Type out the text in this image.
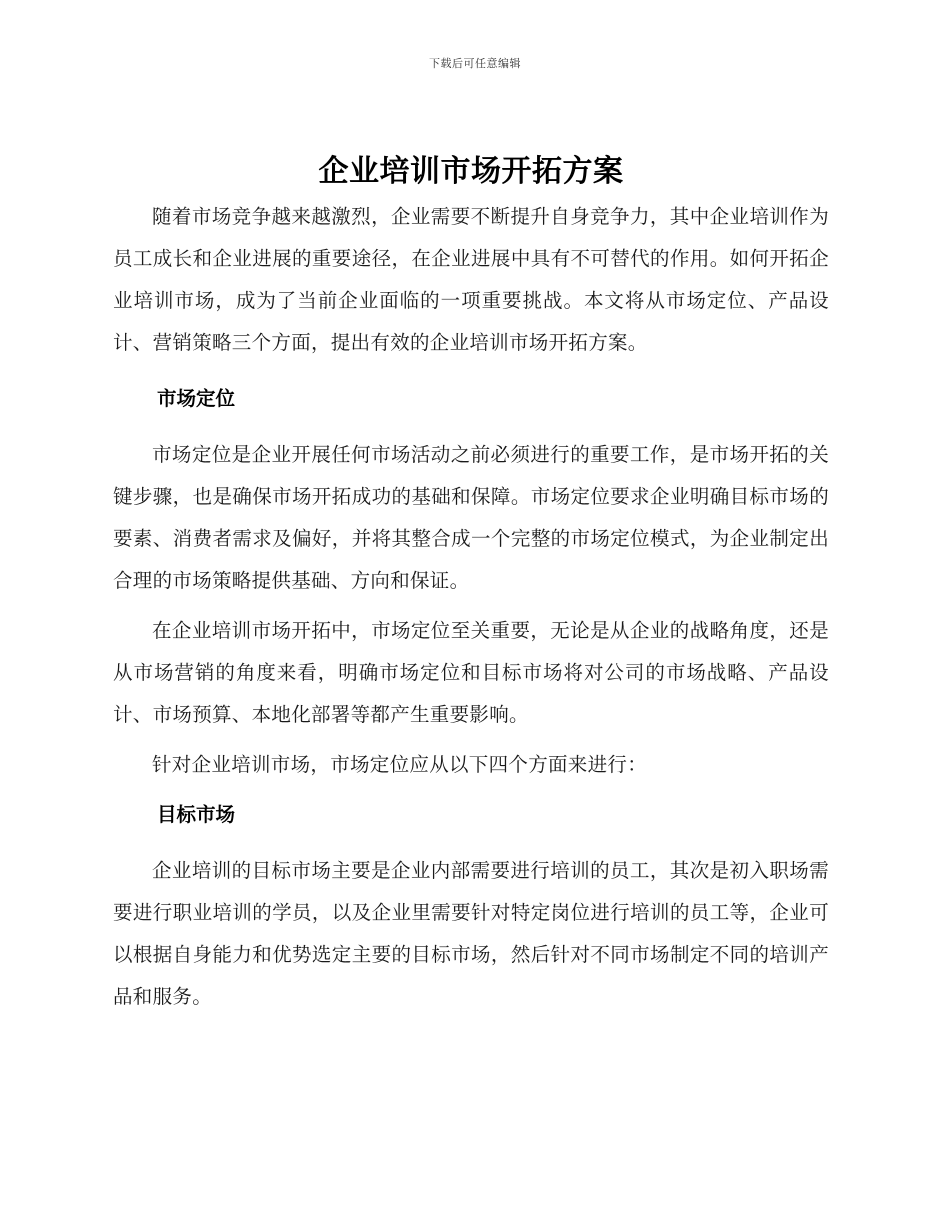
下载后可任意编辑
企业培训市场开拓方案

随着市场竞争越来越激烈，企业需要不断提升自身竞争力，其中企业培训作为员工成长和企业进展的重要途径，在企业进展中具有不可替代的作用。如何开拓企业培训市场，成为了当前企业面临的一项重要挑战。本文将从市场定位、产品设计、营销策略三个方面，提出有效的企业培训市场开拓方案。

市场定位

市场定位是企业开展任何市场活动之前必须进行的重要工作，是市场开拓的关键步骤，也是确保市场开拓成功的基础和保障。市场定位要求企业明确目标市场的要素、消费者需求及偏好，并将其整合成一个完整的市场定位模式，为企业制定出合理的市场策略提供基础、方向和保证。

在企业培训市场开拓中，市场定位至关重要，无论是从企业的战略角度，还是从市场营销的角度来看，明确市场定位和目标市场将对公司的市场战略、产品设计、市场预算、本地化部署等都产生重要影响。

针对企业培训市场，市场定位应从以下四个方面来进行：

目标市场

企业培训的目标市场主要是企业内部需要进行培训的员工，其次是初入职场需要进行职业培训的学员，以及企业里需要针对特定岗位进行培训的员工等，企业可以根据自身能力和优势选定主要的目标市场，然后针对不同市场制定不同的培训产品和服务。
